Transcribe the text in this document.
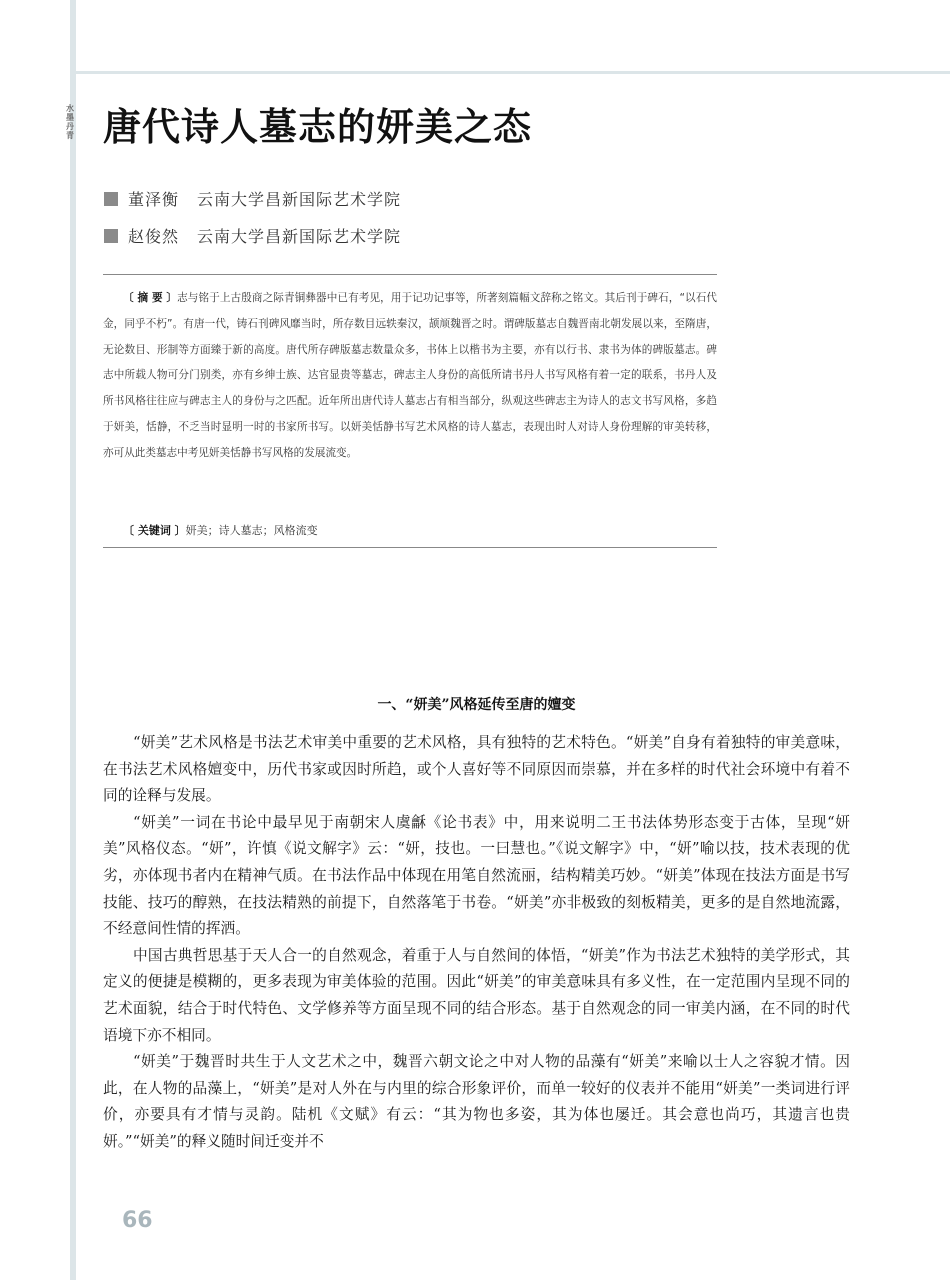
水墨丹青 唐代诗人墓志的妍美之态
董泽衡 云南大学昌新国际艺术学院
赵俊然 云南大学昌新国际艺术学院

〔 摘 要 〕志与铭于上古殷商之际青铜彝器中已有考见，用于记功记事等，所著刻篇幅文辞称之铭文。其后刊于碑石，“以石代金，同乎不朽”。有唐一代，铸石刊碑风靡当时，所存数目远轶秦汉，颉颃魏晋之时。谓碑版墓志自魏晋南北朝发展以来，至隋唐，无论数目、形制等方面臻于新的高度。唐代所存碑版墓志数量众多，书体上以楷书为主要，亦有以行书、隶书为体的碑版墓志。碑志中所载人物可分门别类，亦有乡绅士族、达官显贵等墓志，碑志主人身份的高低所请书丹人书写风格有着一定的联系，书丹人及所书风格往往应与碑志主人的身份与之匹配。近年所出唐代诗人墓志占有相当部分，纵观这些碑志主为诗人的志文书写风格，多趋于妍美，恬静，不乏当时显明一时的书家所书写。以妍美恬静书写艺术风格的诗人墓志，表现出时人对诗人身份理解的审美转移，亦可从此类墓志中考见妍美恬静书写风格的发展流变。

〔 关键词 〕妍美；诗人墓志；风格流变
一、“妍美”风格延传至唐的嬗变

“妍美”艺术风格是书法艺术审美中重要的艺术风格，具有独特的艺术特色。“妍美”自身有着独特的审美意味，在书法艺术风格嬗变中，历代书家或因时所趋，或个人喜好等不同原因而崇慕，并在多样的时代社会环境中有着不同的诠释与发展。

“妍美”一词在书论中最早见于南朝宋人虞龢《论书表》中，用来说明二王书法体势形态变于古体，呈现“妍美”风格仪态。“妍”，许慎《说文解字》云：“妍，技也。一曰慧也。”《说文解字》中，“妍”喻以技，技术表现的优劣，亦体现书者内在精神气质。在书法作品中体现在用笔自然流丽，结构精美巧妙。“妍美”体现在技法方面是书写技能、技巧的醇熟，在技法精熟的前提下，自然落笔于书卷。“妍美”亦非极致的刻板精美，更多的是自然地流露，不经意间性情的挥洒。

中国古典哲思基于天人合一的自然观念，着重于人与自然间的体悟，“妍美”作为书法艺术独特的美学形式，其定义的便捷是模糊的，更多表现为审美体验的范围。因此“妍美”的审美意味具有多义性，在一定范围内呈现不同的艺术面貌，结合于时代特色、文学修养等方面呈现不同的结合形态。基于自然观念的同一审美内涵，在不同的时代语境下亦不相同。

“妍美”于魏晋时共生于人文艺术之中，魏晋六朝文论之中对人物的品藻有“妍美”来喻以士人之容貌才情。因此，在人物的品藻上，“妍美”是对人外在与内里的综合形象评价，而单一较好的仪表并不能用“妍美”一类词进行评价，亦要具有才情与灵韵。陆机《文赋》有云：“其为物也多姿，其为体也屡迁。其会意也尚巧，其遗言也贵妍。”“妍美”的释义随时间迁变并不

66
